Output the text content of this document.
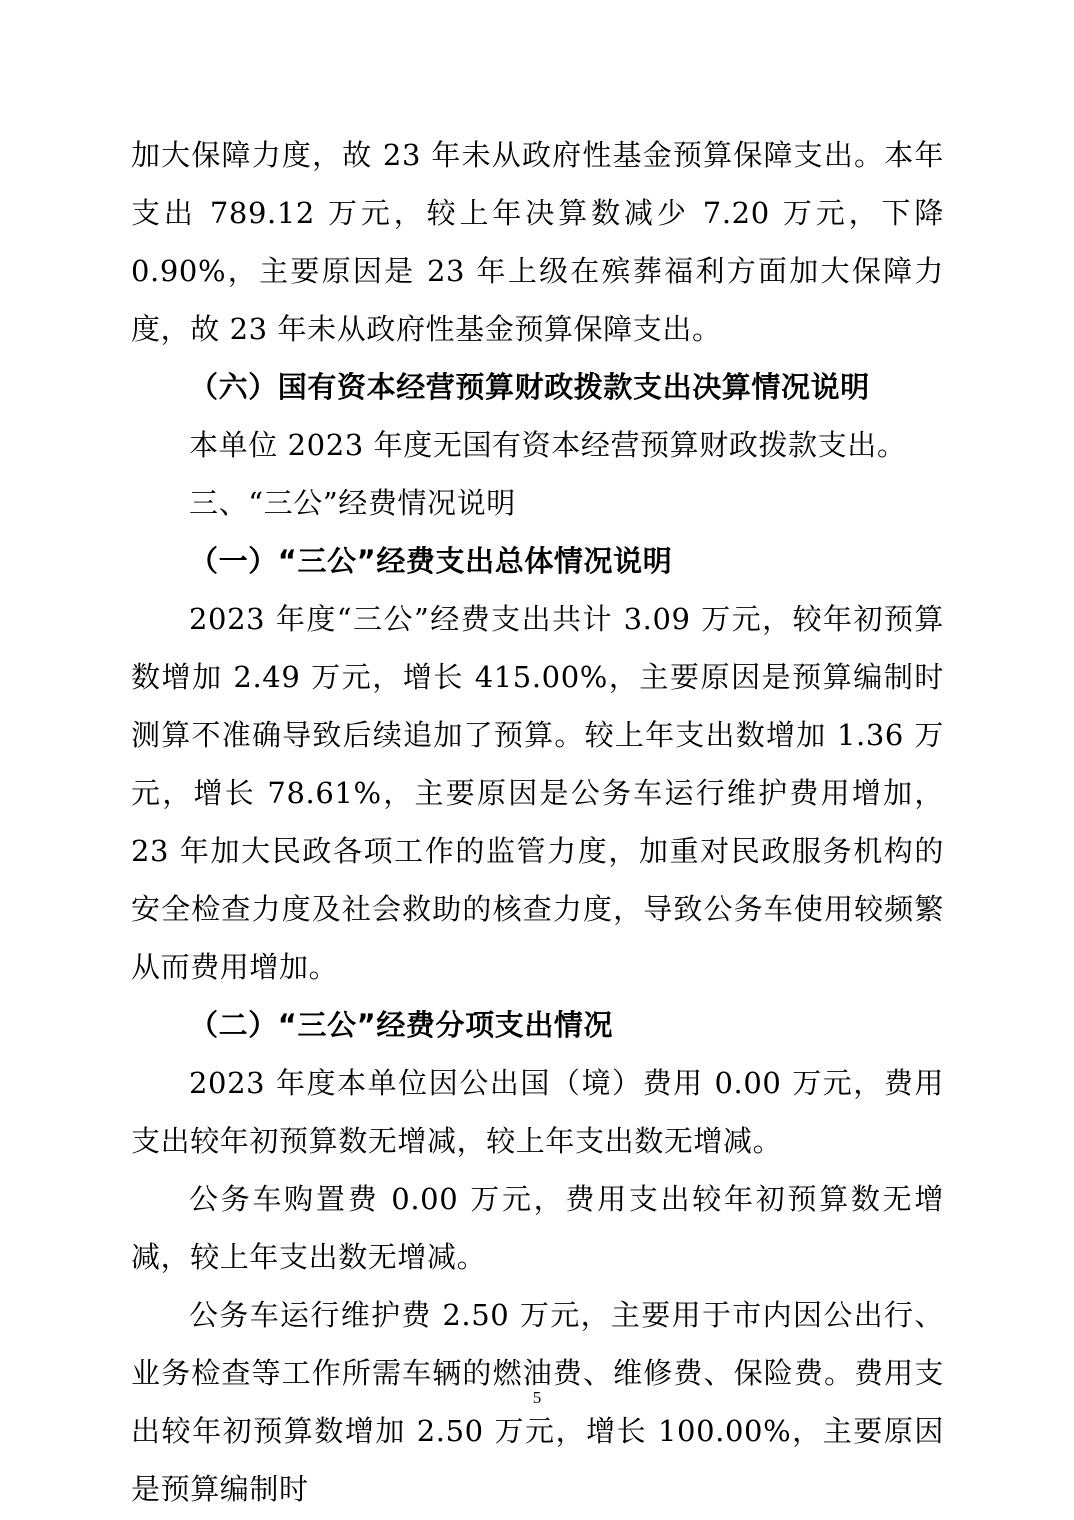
加大保障力度，故 23 年未从政府性基金预算保障支出。本年支出 789.12 万元，较上年决算数减少 7.20 万元，下降 0.90%，主要原因是 23 年上级在殡葬福利方面加大保障力度，故 23 年未从政府性基金预算保障支出。

（六）国有资本经营预算财政拨款支出决算情况说明

本单位 2023 年度无国有资本经营预算财政拨款支出。

三、“三公”经费情况说明

（一）“三公”经费支出总体情况说明

2023 年度“三公”经费支出共计 3.09 万元，较年初预算数增加 2.49 万元，增长 415.00%，主要原因是预算编制时测算不准确导致后续追加了预算。较上年支出数增加 1.36 万元，增长 78.61%，主要原因是公务车运行维护费用增加，23 年加大民政各项工作的监管力度，加重对民政服务机构的安全检查力度及社会救助的核查力度，导致公务车使用较频繁从而费用增加。

（二）“三公”经费分项支出情况

2023 年度本单位因公出国（境）费用 0.00 万元，费用支出较年初预算数无增减，较上年支出数无增减。

公务车购置费 0.00 万元，费用支出较年初预算数无增减，较上年支出数无增减。

公务车运行维护费 2.50 万元，主要用于市内因公出行、业务检查等工作所需车辆的燃油费、维修费、保险费。费用支出较年初预算数增加 2.50 万元，增长 100.00%，主要原因是预算编制时

5
